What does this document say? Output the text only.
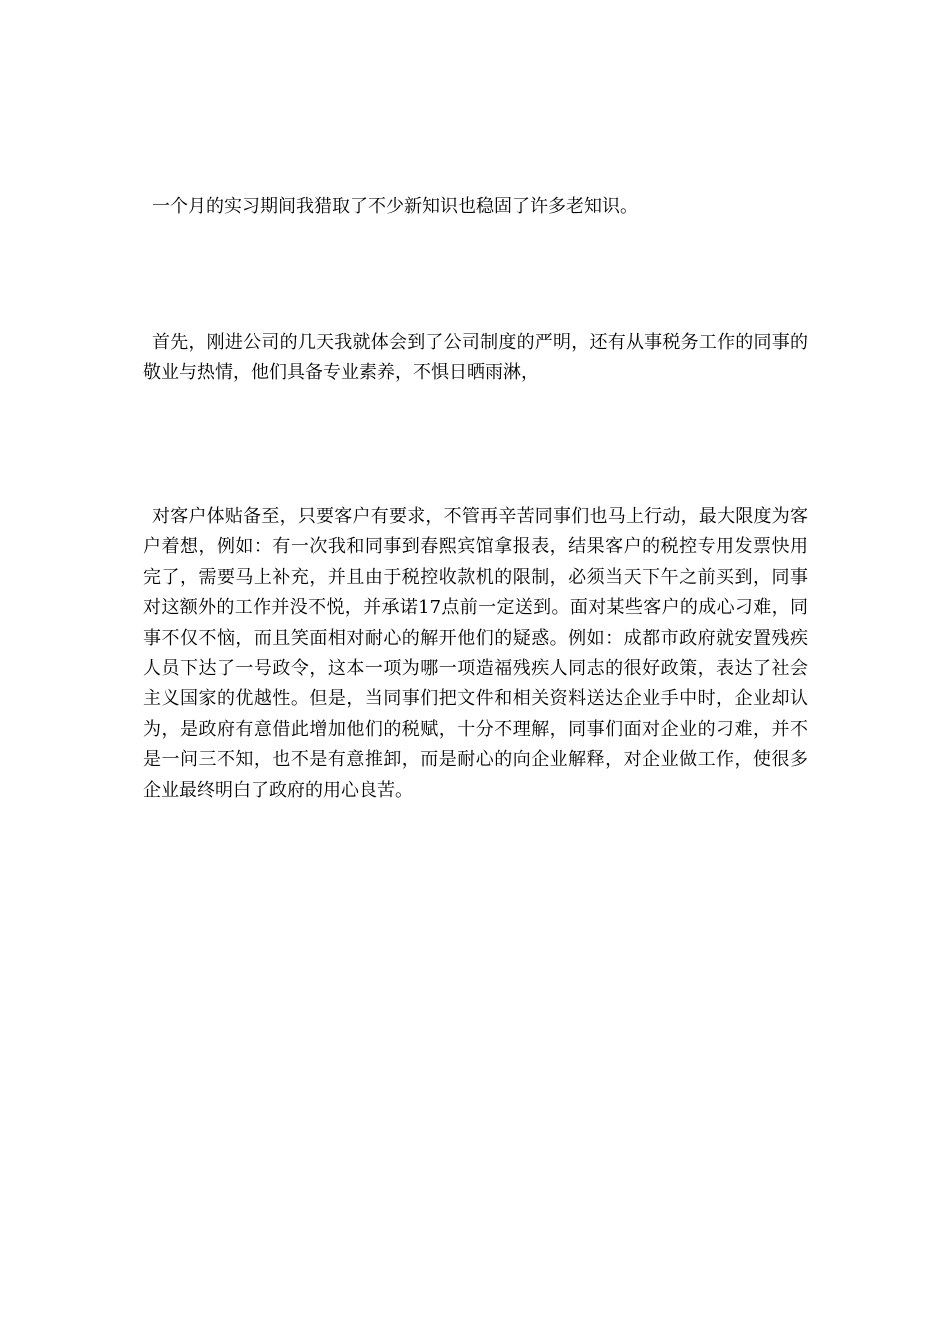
一个月的实习期间我猎取了不少新知识也稳固了许多老知识。

首先，刚进公司的几天我就体会到了公司制度的严明，还有从事税务工作的同事的敬业与热情，他们具备专业素养，不惧日晒雨淋，

对客户体贴备至，只要客户有要求，不管再辛苦同事们也马上行动，最大限度为客户着想，例如：有一次我和同事到春熙宾馆拿报表，结果客户的税控专用发票快用完了，需要马上补充，并且由于税控收款机的限制，必须当天下午之前买到，同事对这额外的工作并没不悦，并承诺17点前一定送到。面对某些客户的成心刁难，同事不仅不恼，而且笑面相对耐心的解开他们的疑惑。例如：成都市政府就安置残疾人员下达了一号政令，这本一项为哪一项造福残疾人同志的很好政策，表达了社会主义国家的优越性。但是，当同事们把文件和相关资料送达企业手中时，企业却认为，是政府有意借此增加他们的税赋，十分不理解，同事们面对企业的刁难，并不是一问三不知，也不是有意推卸，而是耐心的向企业解释，对企业做工作，使很多企业最终明白了政府的用心良苦。
